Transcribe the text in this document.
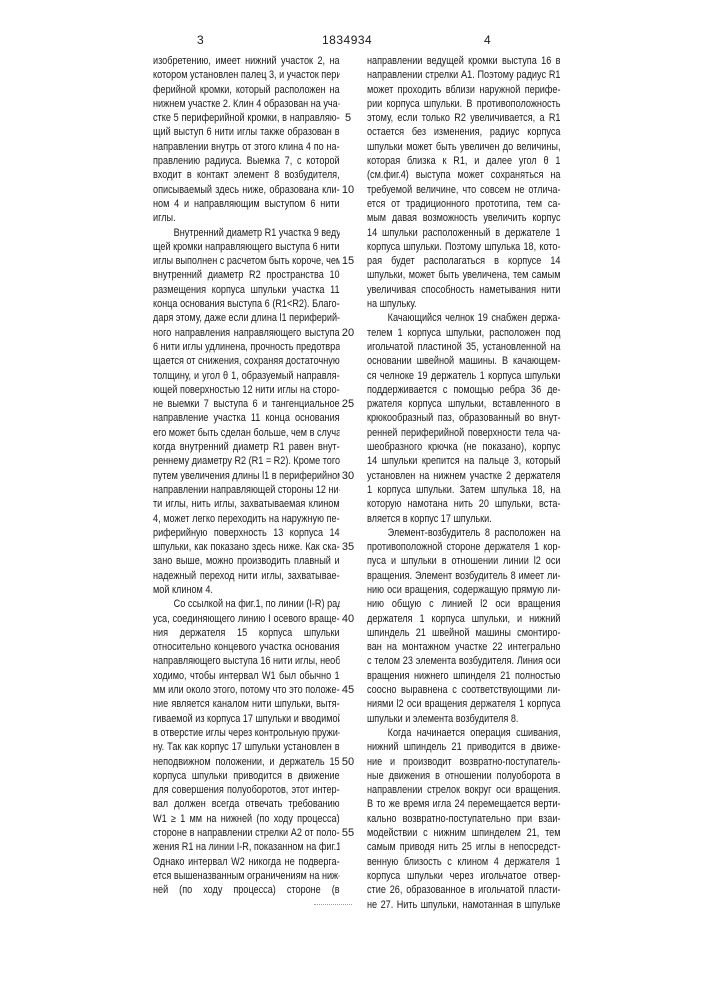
3	1834934	4
изобретению, имеет нижний участок 2, на
котором установлен палец 3, и участок пери-
ферийной кромки, который расположен на
нижнем участке 2. Клин 4 образован на уча-
стке 5 периферийной кромки, в направляю-
щий выступ 6 нити иглы также образован в
направлении внутрь от этого клина 4 по на-
правлению радиуса. Выемка 7, с которой
входит в контакт элемент 8 возбудителя,
описываемый здесь ниже, образована кли-
ном 4 и направляющим выступом 6 нити
иглы.
Внутренний диаметр R1 участка 9 веду-
щей кромки направляющего выступа 6 нити
иглы выполнен с расчетом быть короче, чем
внутренний диаметр R2 пространства 10
размещения корпуса шпульки участка 11
конца основания выступа 6 (R1<R2). Благо-
даря этому, даже если длина l1 периферий-
ного направления направляющего выступа
6 нити иглы удлинена, прочность предотвра-
щается от снижения, сохраняя достаточную
толщину, и угол θ 1, образуемый направля-
ющей поверхностью 12 нити иглы на сторо-
не выемки 7 выступа 6 и тангенциальное
направление участка 11 конца основания
его может быть сделан больше, чем в случае,
когда внутренний диаметр R1 равен внут-
реннему диаметру R2 (R1 = R2). Кроме того,
путем увеличения длины l1 в периферийном
направлении направляющей стороны 12 ни-
ти иглы, нить иглы, захватываемая клином
4, может легко переходить на наружную пе-
риферийную поверхность 13 корпуса 14
шпульки, как показано здесь ниже. Как ска-
зано выше, можно производить плавный и
надежный переход нити иглы, захватывае-
мой клином 4.
Со ссылкой на фиг.1, по линии (I-R) ради-
уса, соединяющего линию I осевого враще-
ния держателя 15 корпуса шпульки
относительно концевого участка основания
направляющего выступа 16 нити иглы, необ-
ходимо, чтобы интервал W1 был обычно 1
мм или около этого, потому что это положе-
ние является каналом нити шпульки, вытя-
гиваемой из корпуса 17 шпульки и вводимой
в отверстие иглы через контрольную пружи-
ну. Так как корпус 17 шпульки установлен в
неподвижном положении, и держатель 15
корпуса шпульки приводится в движение
для совершения полуоборотов, этот интер-
вал должен всегда отвечать требованию
W1 ≥ 1 мм на нижней (по ходу процесса)
стороне в направлении стрелки A2 от поло-
жения R1 на линии I-R, показанном на фиг.1.
Однако интервал W2 никогда не подверга-
ется вышеназванным ограничениям на ниж-
ней (по ходу процесса) стороне (в
5
10
15
20
25
30
35
40
45
50
55
направлении ведущей кромки выступа 16 в
направлении стрелки A1. Поэтому радиус R1
может проходить вблизи наружной перифе-
рии корпуса шпульки. В противоположность
этому, если только R2 увеличивается, а R1
остается без изменения, радиус корпуса
шпульки может быть увеличен до величины,
которая близка к R1, и далее угол θ 1
(см.фиг.4) выступа может сохраняться на
требуемой величине, что совсем не отлича-
ется от традиционного прототипа, тем са-
мым давая возможность увеличить корпус
14 шпульки расположенный в держателе 1
корпуса шпульки. Поэтому шпулька 18, кото-
рая будет располагаться в корпусе 14
шпульки, может быть увеличена, тем самым
увеличивая способность наметывания нити
на шпульку.
Качающийся челнок 19 снабжен держа-
телем 1 корпуса шпульки, расположен под
игольчатой пластиной 35, установленной на
основании швейной машины. В качающем-
ся челноке 19 держатель 1 корпуса шпульки
поддерживается с помощью ребра 36 де-
ржателя корпуса шпульки, вставленного в
крюкообразный паз, образованный во внут-
ренней периферийной поверхности тела ча-
шеобразного крючка (не показано), корпус
14 шпульки крепится на пальце 3, который
установлен на нижнем участке 2 держателя
1 корпуса шпульки. Затем шпулька 18, на
которую намотана нить 20 шпульки, вста-
вляется в корпус 17 шпульки.
Элемент-возбудитель 8 расположен на
противоположной стороне держателя 1 кор-
пуса и шпульки в отношении линии l2 оси
вращения. Элемент возбудитель 8 имеет ли-
нию оси вращения, содержащую прямую ли-
нию общую с линией l2 оси вращения
держателя 1 корпуса шпульки, и нижний
шпиндель 21 швейной машины смонтиро-
ван на монтажном участке 22 интегрально
с телом 23 элемента возбудителя. Линия оси
вращения нижнего шпинделя 21 полностью
соосно выравнена с соответствующими ли-
ниями l2 оси вращения держателя 1 корпуса
шпульки и элемента возбудителя 8.
Когда начинается операция сшивания,
нижний шпиндель 21 приводится в движе-
ние и производит возвратно-поступатель-
ные движения в отношении полуоборота в
направлении стрелок вокруг оси вращения.
В то же время игла 24 перемещается верти-
кально возвратно-поступательно при взаи-
модействии с нижним шпинделем 21, тем
самым приводя нить 25 иглы в непосредст-
венную близость с клином 4 держателя 1
корпуса шпульки через игольчатое отвер-
стие 26, образованное в игольчатой пласти-
не 27. Нить шпульки, намотанная в шпульке
